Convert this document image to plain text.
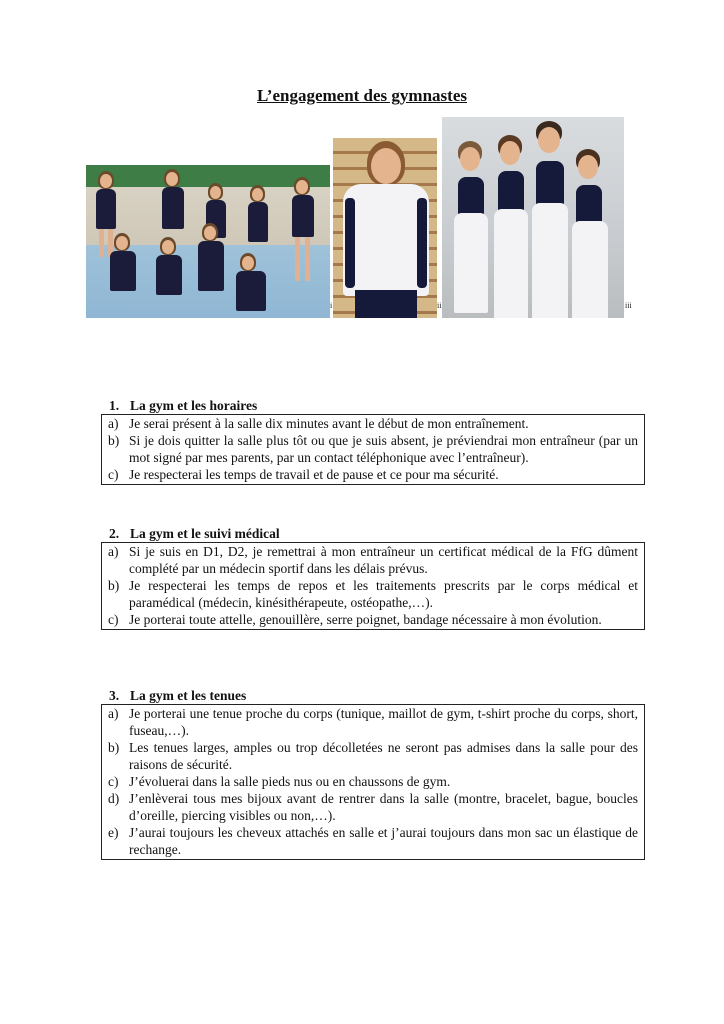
L’engagement des gymnastes
i	ii	iii
1. La gym et les horaires
a) Je serai présent à la salle dix minutes avant le début de mon entraînement.
b) Si je dois quitter la salle plus tôt ou que je suis absent, je préviendrai mon entraîneur (par un mot signé par mes parents, par un contact téléphonique avec l’entraîneur).
c) Je respecterai les temps de travail et de pause et ce pour ma sécurité.
2. La gym et le suivi médical
a) Si je suis en D1, D2, je remettrai à mon entraîneur un certificat médical de la FfG dûment complété par un médecin sportif dans les délais prévus.
b) Je respecterai les temps de repos et les traitements prescrits par le corps médical et paramédical (médecin, kinésithérapeute, ostéopathe,…).
c) Je porterai toute attelle, genouillère, serre poignet, bandage nécessaire à mon évolution.
3. La gym et les tenues
a) Je porterai une tenue proche du corps (tunique, maillot de gym, t-shirt proche du corps, short, fuseau,…).
b) Les tenues larges, amples ou trop décolletées ne seront pas admises dans la salle pour des raisons de sécurité.
c) J’évoluerai dans la salle pieds nus ou en chaussons de gym.
d) J’enlèverai tous mes bijoux avant de rentrer dans la salle (montre, bracelet, bague, boucles d’oreille, piercing visibles ou non,…).
e) J’aurai toujours les cheveux attachés en salle et j’aurai toujours dans mon sac un élastique de rechange.
